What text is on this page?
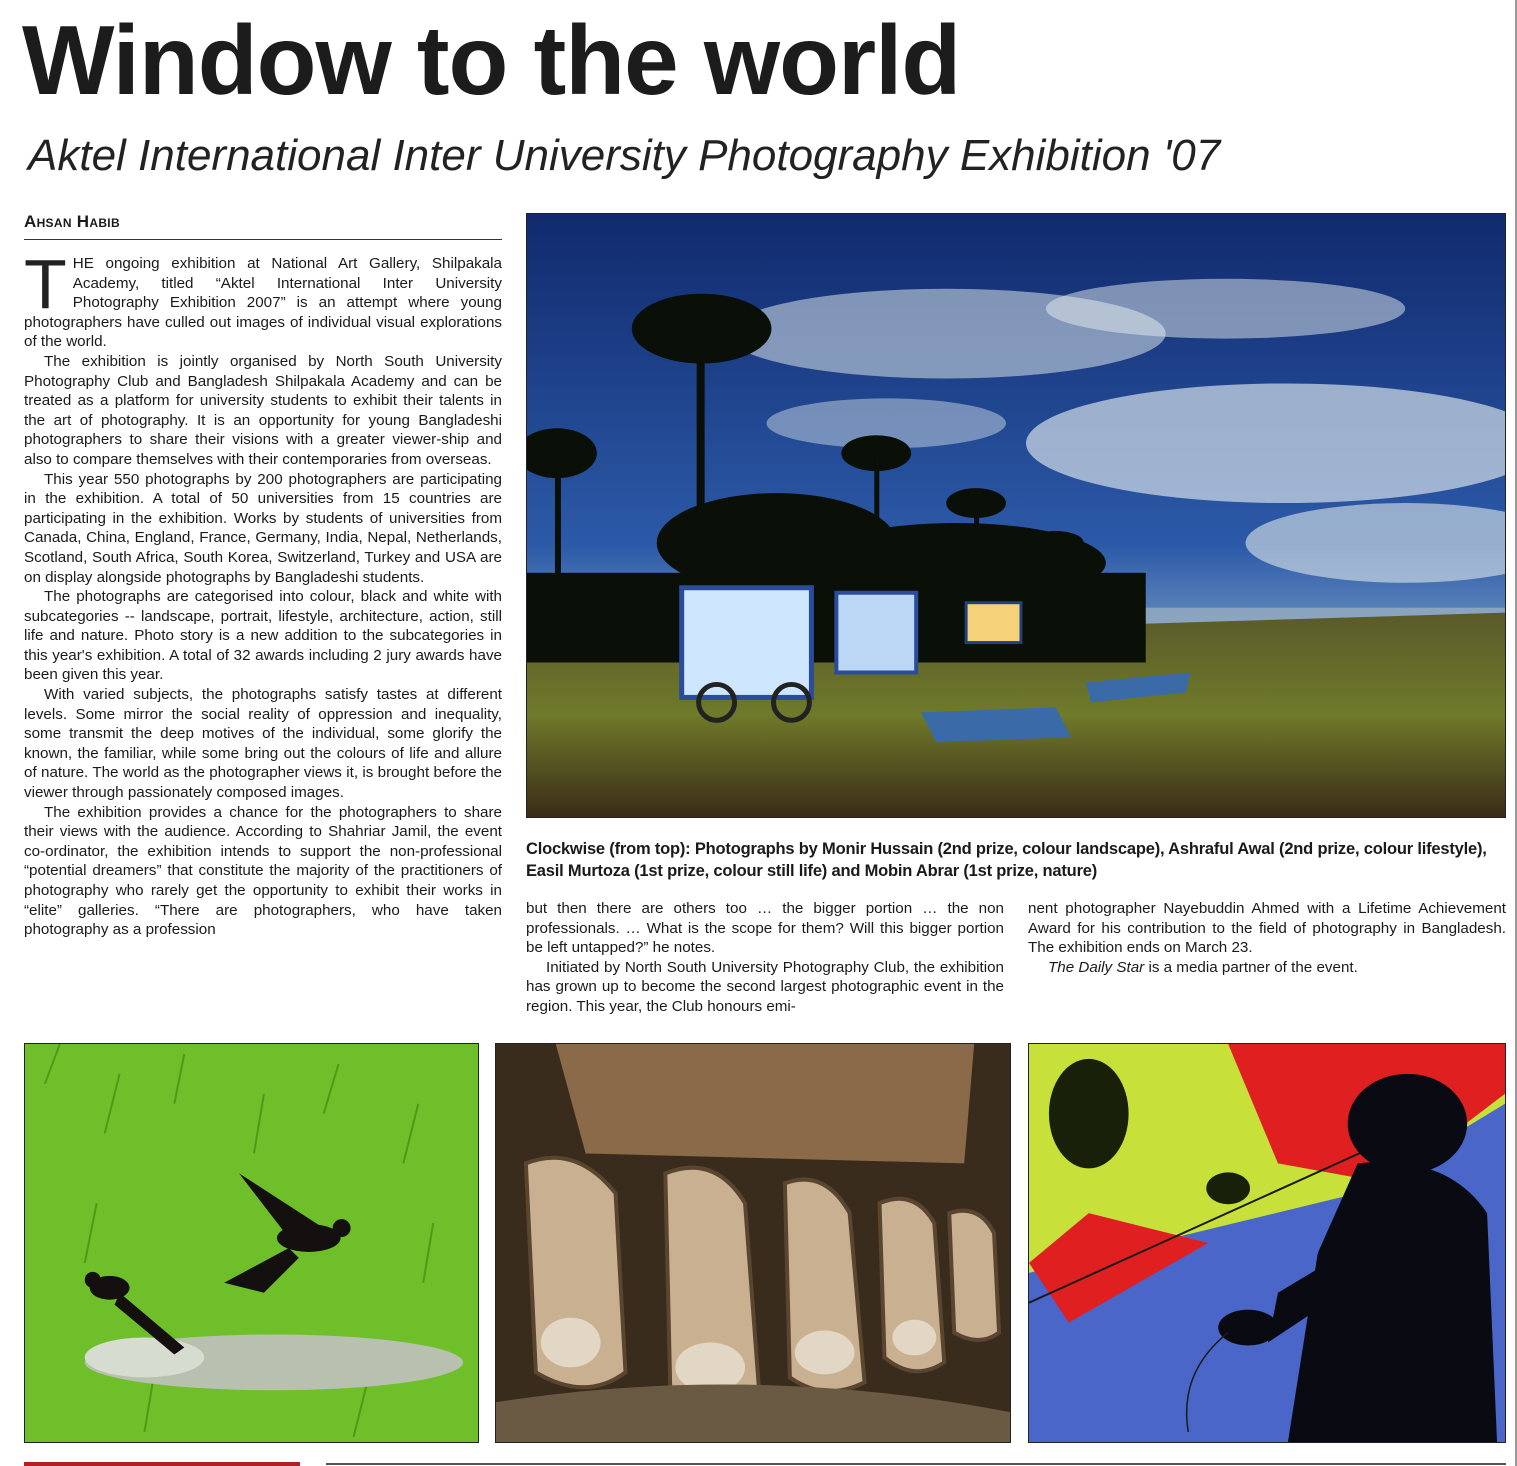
Window to the world
Aktel International Inter University Photography Exhibition '07
Ahsan Habib

THE ongoing exhibition at National Art Gallery, Shilpakala Academy, titled “Aktel International Inter University Photography Exhibition 2007” is an attempt where young photographers have culled out images of individual visual explorations of the world.

The exhibition is jointly organised by North South University Photography Club and Bangladesh Shilpakala Academy and can be treated as a platform for university students to exhibit their talents in the art of photography. It is an opportunity for young Bangladeshi photographers to share their visions with a greater viewer-ship and also to compare themselves with their contemporaries from overseas.

This year 550 photographs by 200 photographers are participating in the exhibition. A total of 50 universities from 15 countries are participating in the exhibition. Works by students of universities from Canada, China, England, France, Germany, India, Nepal, Netherlands, Scotland, South Africa, South Korea, Switzerland, Turkey and USA are on display alongside photographs by Bangladeshi students.

The photographs are categorised into colour, black and white with subcategories -- landscape, portrait, lifestyle, architecture, action, still life and nature. Photo story is a new addition to the subcategories in this year's exhibition. A total of 32 awards including 2 jury awards have been given this year.

With varied subjects, the photographs satisfy tastes at different levels. Some mirror the social reality of oppression and inequality, some transmit the deep motives of the individual, some glorify the known, the familiar, while some bring out the colours of life and allure of nature. The world as the photographer views it, is brought before the viewer through passionately composed images.

The exhibition provides a chance for the photographers to share their views with the audience. According to Shahriar Jamil, the event co-ordinator, the exhibition intends to support the non-professional “potential dreamers” that constitute the majority of the practitioners of photography who rarely get the opportunity to exhibit their works in “elite” galleries. “There are photographers, who have taken photography as a profession

but then there are others too … the bigger portion … the non professionals. … What is the scope for them? Will this bigger portion be left untapped?” he notes.

Initiated by North South University Photography Club, the exhibition has grown up to become the second largest photographic event in the region. This year, the Club honours emi-

nent photographer Nayebuddin Ahmed with a Lifetime Achievement Award for his contribution to the field of photography in Bangladesh. The exhibition ends on March 23.

The Daily Star is a media partner of the event.

Clockwise (from top): Photographs by Monir Hussain (2nd prize, colour landscape), Ashraful Awal (2nd prize, colour lifestyle), Easil Murtoza (1st prize, colour still life) and Mobin Abrar (1st prize, nature)
